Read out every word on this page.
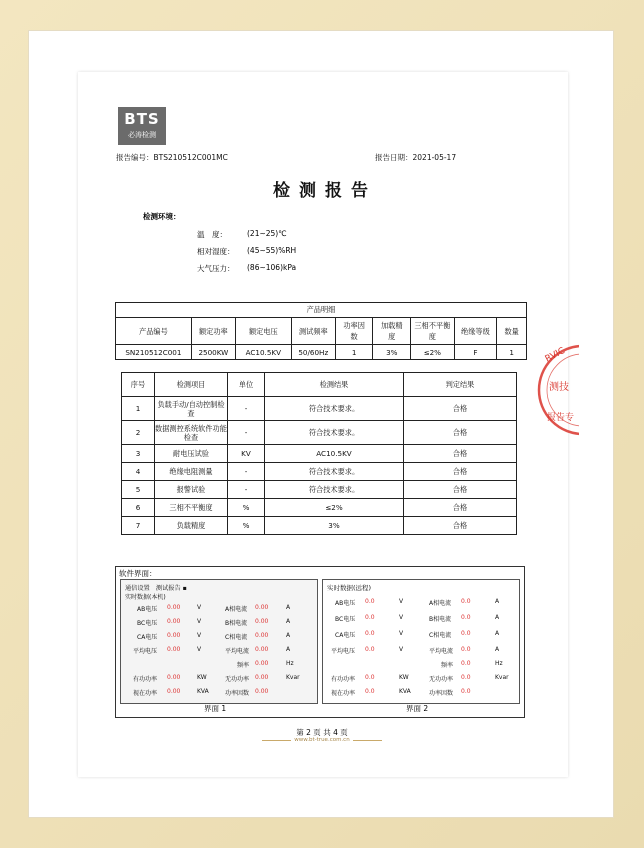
BTS
必涛检测
报告编号：BTS210512C001MC	报告日期：2021-05-17
检测报告
检测环境：
温　度：	(21~25)℃
相对湿度： (45~55)%RH
大气压力： (86~106)kPa
产品明细								
产品编号	额定功率	额定电压	测试频率	功率因数	加载精度	三相不平衡度	绝缘等级	数量
SN210512C001	2500KW	AC10.5KV	50/60Hz	1	3%	≤2%	F	1
序号	检测项目	单位	检测结果	判定结果
1	负载手动/自动控制检查	-	符合技术要求。	合格
2	数据测控系统软件功能检查	-	符合技术要求。	合格
3	耐电压试验	KV	AC10.5KV	合格
4	绝缘电阻测量	-	符合技术要求。	合格
5	报警试验	-	符合技术要求。	合格
6	三相不平衡度	%	≤2%	合格
7	负载精度	%	3%	合格
RVIC
测技
报告专
软件界面：
通信设置　测试报告 ▪
实时数据(本机)
AB电压 0.00	V	A相电流 0.00	A
BC电压 0.00	V	B相电流 0.00	A
CA电压 0.00	V	C相电流 0.00	A
平均电压 0.00	V	平均电流 0.00	A
频率 0.00	Hz
有功功率 0.00	KW	无功功率 0.00	Kvar
视在功率 0.00	KVA	功率因数 0.00
界面 1
实时数据(远程)
AB电压 0.0	V	A相电流 0.0	A
BC电压 0.0	V	B相电流 0.0	A
CA电压 0.0	V	C相电流 0.0	A
平均电压 0.0	V	平均电流 0.0	A
频率 0.0	Hz
有功功率 0.0	KW	无功功率 0.0	Kvar
视在功率 0.0	KVA	功率因数 0.0
界面 2
第 2 页 共 4 页
www.bt-true.com.cn
